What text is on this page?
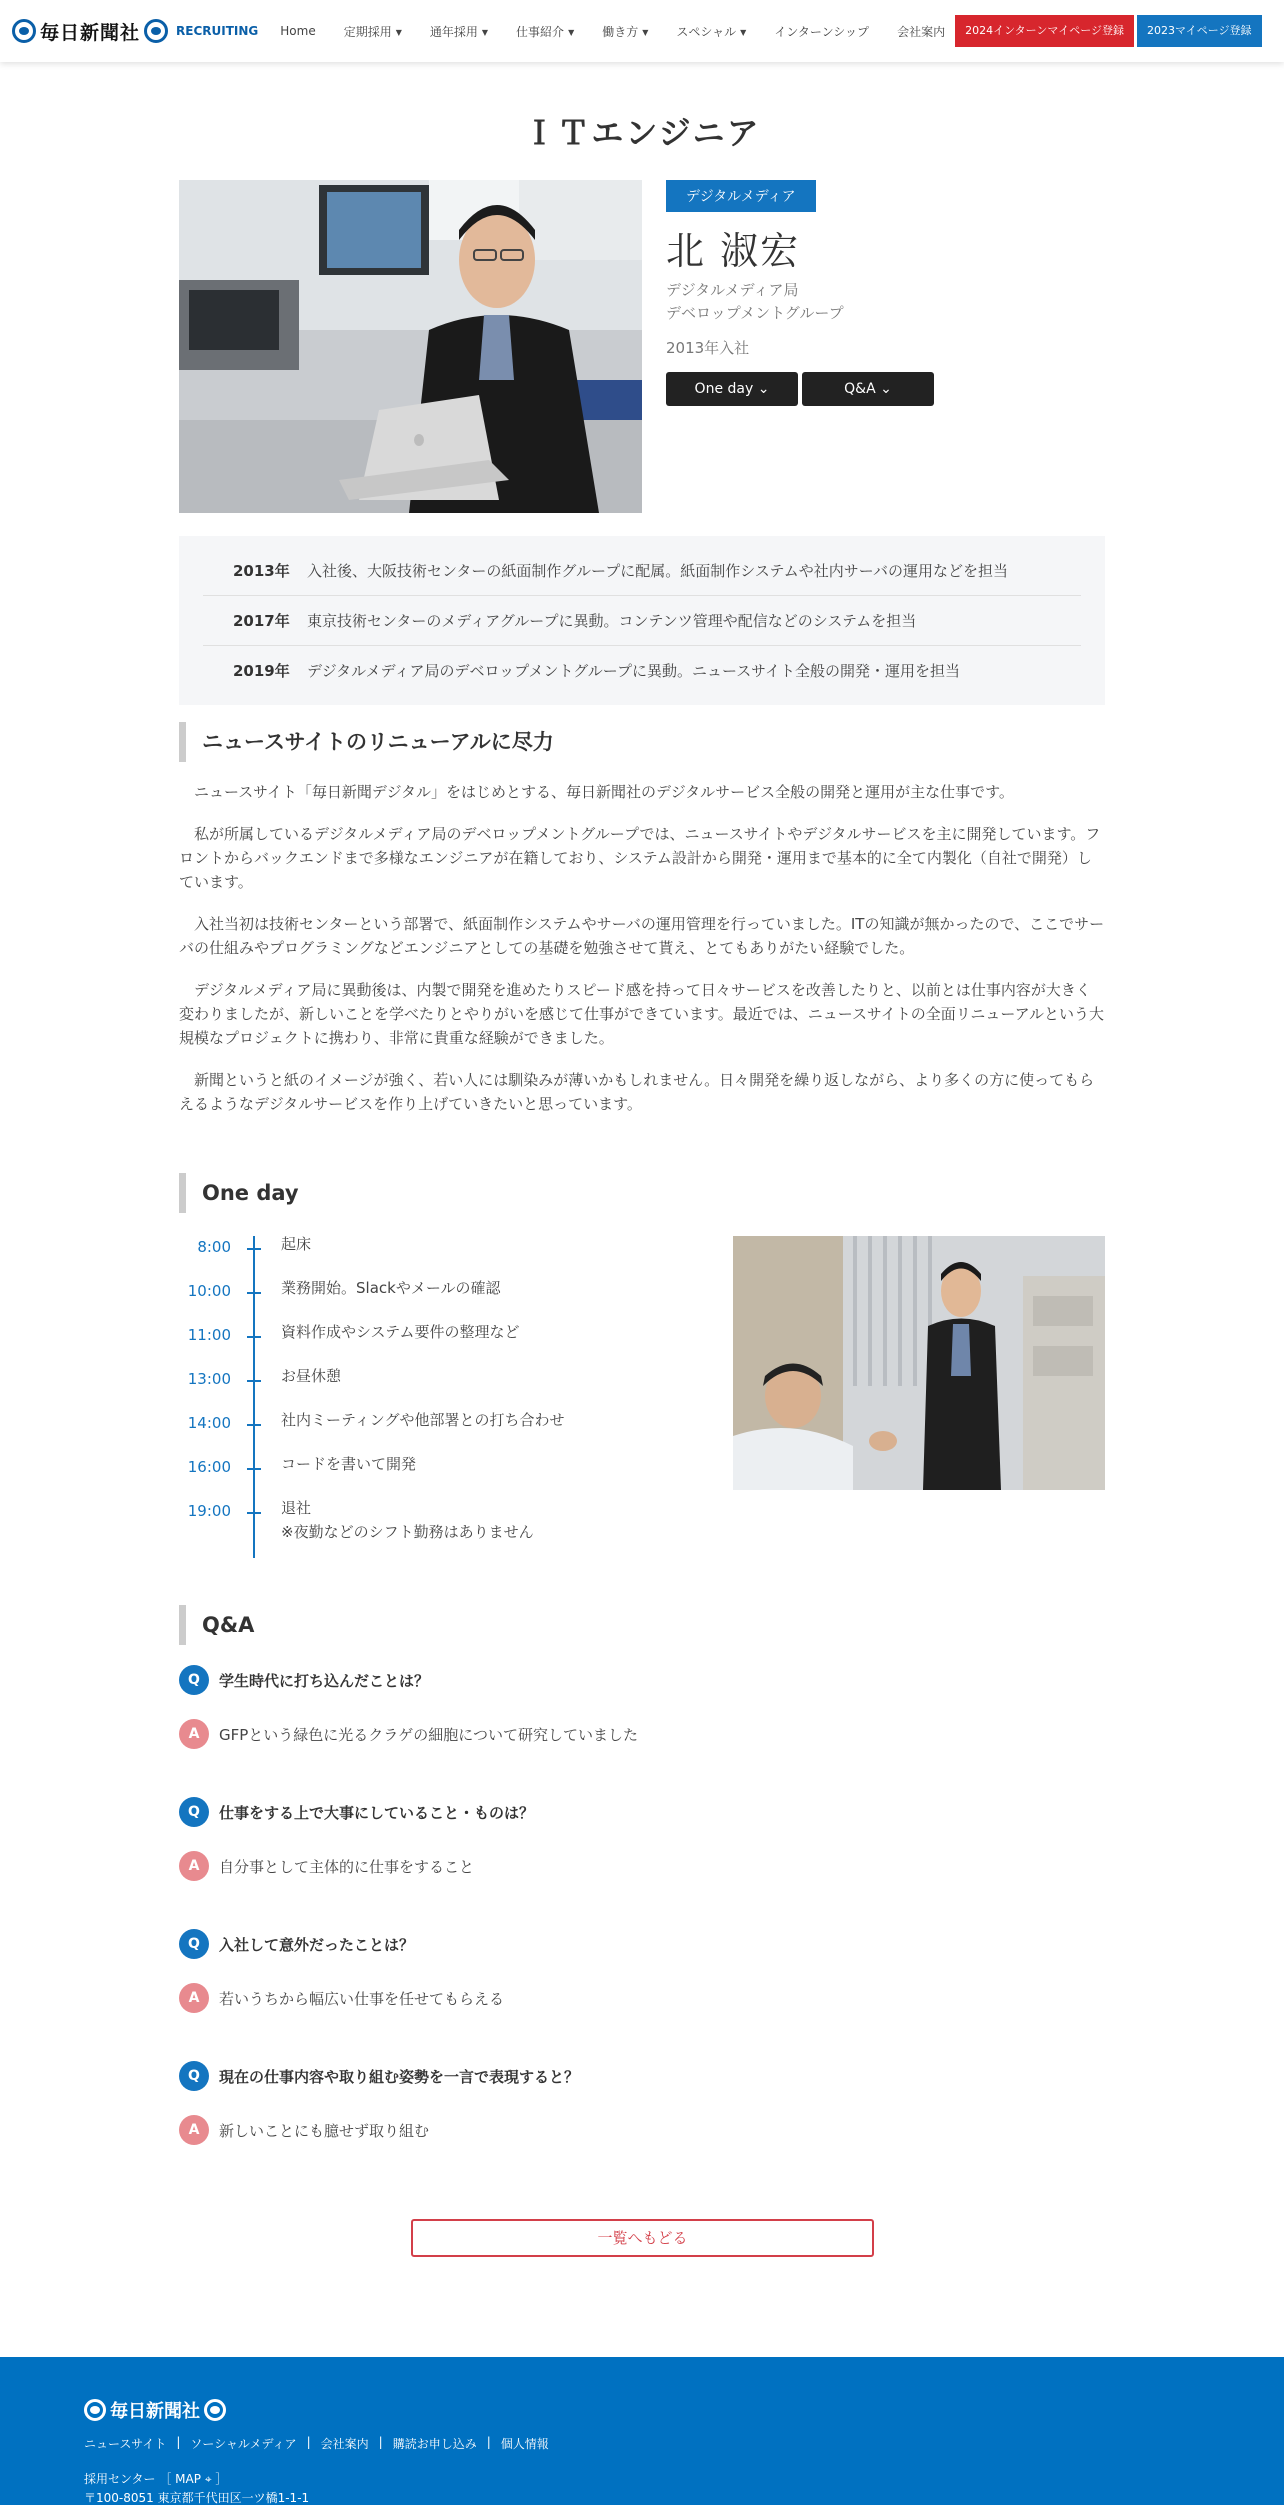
毎日新聞社	RECRUITING Home 定期採用 ▼ 通年採用 ▼ 仕事紹介 ▼ 働き方 ▼ スペシャル ▼ インターンシップ 会社案内	2024インターンマイページ登録	2023マイページ登録
ＩＴエンジニア
デジタルメディア
北 淑宏
デジタルメディア局
デベロップメントグループ
2013年入社
One day ⌄	Q&A ⌄
2013年	入社後、大阪技術センターの紙面制作グループに配属。紙面制作システムや社内サーバの運用などを担当
2017年	東京技術センターのメディアグループに異動。コンテンツ管理や配信などのシステムを担当
2019年	デジタルメディア局のデベロップメントグループに異動。ニュースサイト全般の開発・運用を担当
ニュースサイトのリニューアルに尽力

ニュースサイト「毎日新聞デジタル」をはじめとする、毎日新聞社のデジタルサービス全般の開発と運用が主な仕事です。

私が所属しているデジタルメディア局のデベロップメントグループでは、ニュースサイトやデジタルサービスを主に開発しています。フロントからバックエンドまで多様なエンジニアが在籍しており、システム設計から開発・運用まで基本的に全て内製化（自社で開発）しています。

入社当初は技術センターという部署で、紙面制作システムやサーバの運用管理を行っていました。ITの知識が無かったので、ここでサーバの仕組みやプログラミングなどエンジニアとしての基礎を勉強させて貰え、とてもありがたい経験でした。

デジタルメディア局に異動後は、内製で開発を進めたりスピード感を持って日々サービスを改善したりと、以前とは仕事内容が大きく変わりましたが、新しいことを学べたりとやりがいを感じて仕事ができています。最近では、ニュースサイトの全面リニューアルという大規模なプロジェクトに携わり、非常に貴重な経験ができました。

新聞というと紙のイメージが強く、若い人には馴染みが薄いかもしれません。日々開発を繰り返しながら、より多くの方に使ってもらえるようなデジタルサービスを作り上げていきたいと思っています。

One day
8:00	起床
10:00	業務開始。Slackやメールの確認
11:00	資料作成やシステム要件の整理など
13:00	お昼休憩
14:00	社内ミーティングや他部署との打ち合わせ
16:00	コードを書いて開発
19:00	退社
※夜勤などのシフト勤務はありません
Q&A
Q	学生時代に打ち込んだことは？
A	GFPという緑色に光るクラゲの細胞について研究していました
Q	仕事をする上で大事にしていること・ものは？
A	自分事として主体的に仕事をすること
Q	入社して意外だったことは？
A	若いうちから幅広い仕事を任せてもらえる
Q	現在の仕事内容や取り組む姿勢を一言で表現すると？
A	新しいことにも臆せず取り組む
一覧へもどる
毎日新聞社
ニュースサイト | ソーシャルメディア | 会社案内 | 購読お申し込み | 個人情報
採用センター ［ MAP ⌖ ］
〒100-8051 東京都千代田区一ツ橋1-1-1
